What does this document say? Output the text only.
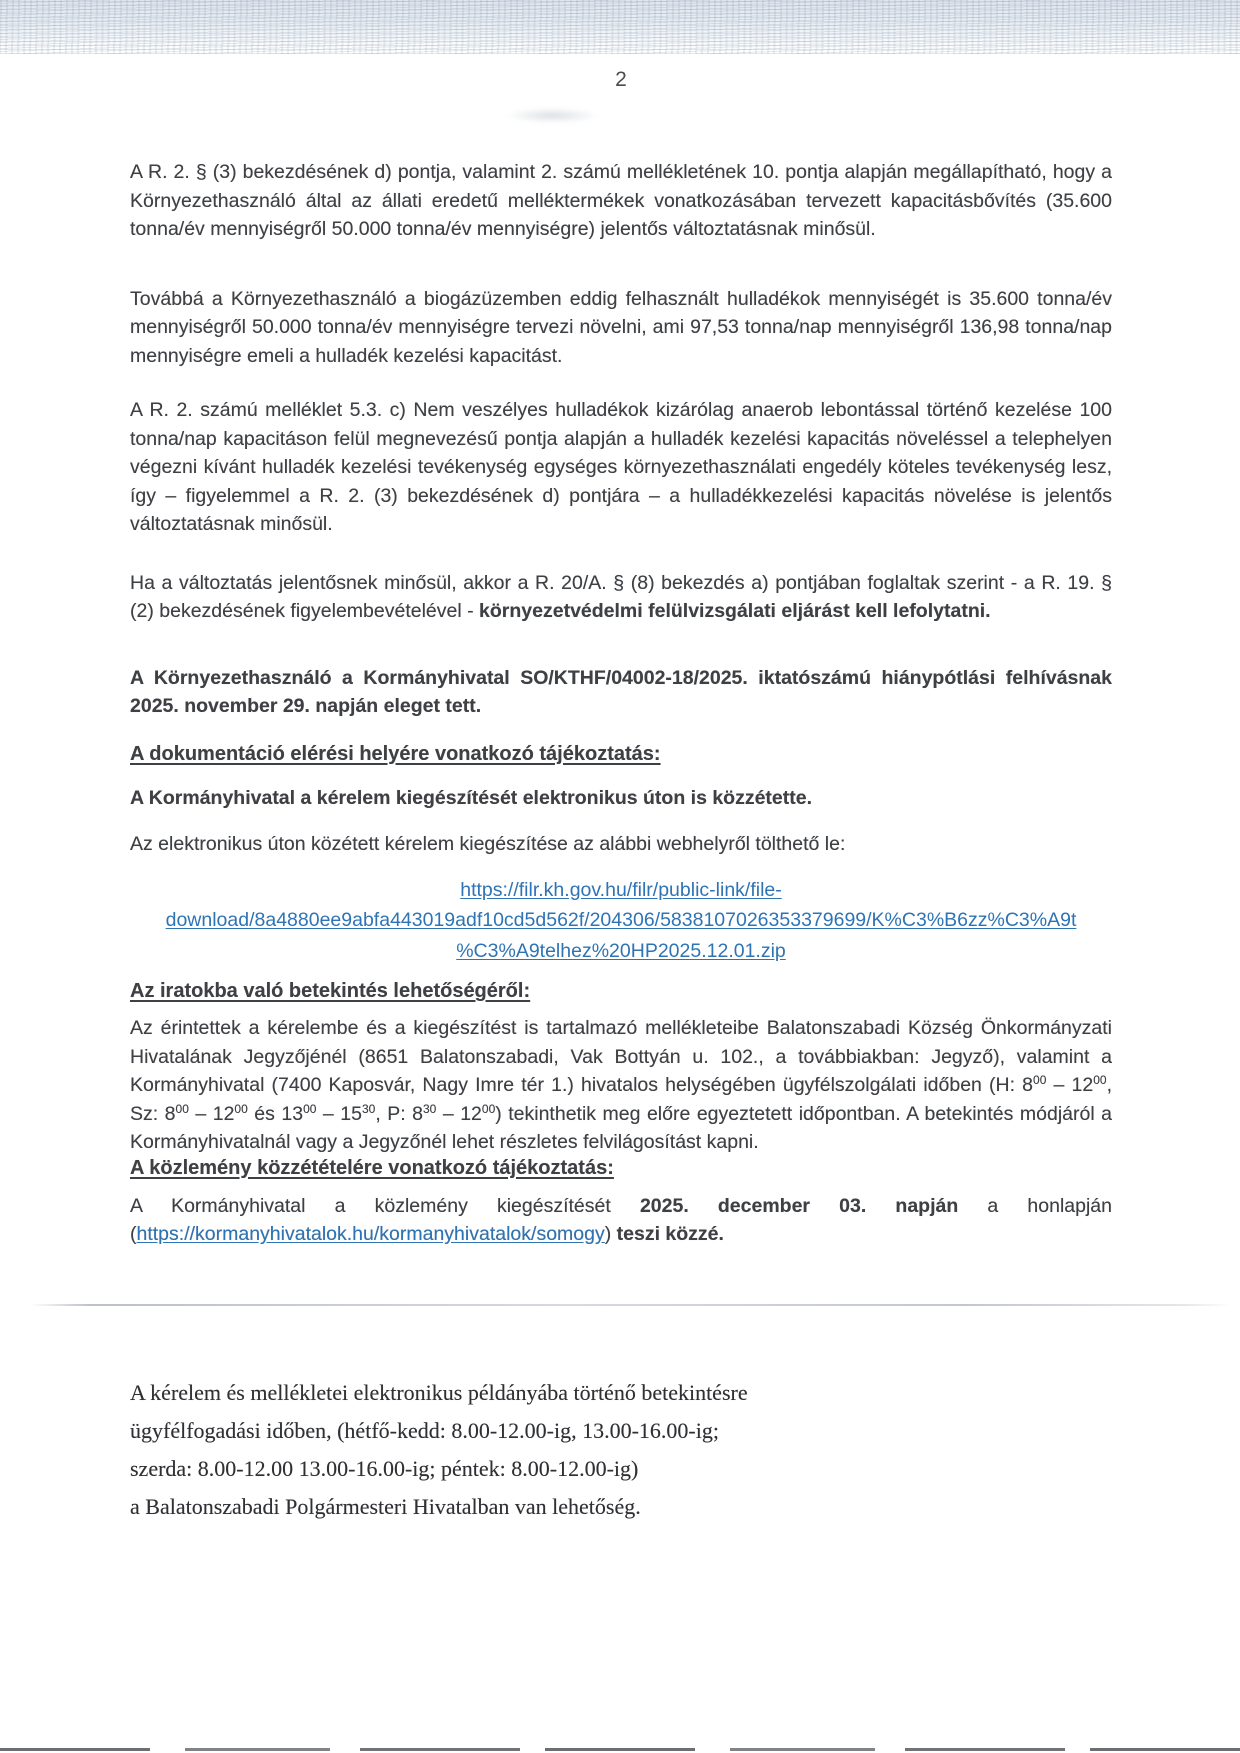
2

A R. 2. § (3) bekezdésének d) pontja, valamint 2. számú mellékletének 10. pontja alapján megállapítható, hogy a Környezethasználó által az állati eredetű melléktermékek vonatkozásában tervezett kapacitásbővítés (35.600 tonna/év mennyiségről 50.000 tonna/év mennyiségre) jelentős változtatásnak minősül.

Továbbá a Környezethasználó a biogázüzemben eddig felhasznált hulladékok mennyiségét is 35.600 tonna/év mennyiségről 50.000 tonna/év mennyiségre tervezi növelni, ami 97,53 tonna/nap mennyiségről 136,98 tonna/nap mennyiségre emeli a hulladék kezelési kapacitást.

A R. 2. számú melléklet 5.3. c) Nem veszélyes hulladékok kizárólag anaerob lebontással történő kezelése 100 tonna/nap kapacitáson felül megnevezésű pontja alapján a hulladék kezelési kapacitás növeléssel a telephelyen végezni kívánt hulladék kezelési tevékenység egységes környezethasználati engedély köteles tevékenység lesz, így – figyelemmel a R. 2. (3) bekezdésének d) pontjára – a hulladékkezelési kapacitás növelése is jelentős változtatásnak minősül.

Ha a változtatás jelentősnek minősül, akkor a R. 20/A. § (8) bekezdés a) pontjában foglaltak szerint - a R. 19. § (2) bekezdésének figyelembevételével - környezetvédelmi felülvizsgálati eljárást kell lefolytatni.

A Környezethasználó a Kormányhivatal SO/KTHF/04002-18/2025. iktatószámú hiánypótlási felhívásnak 2025. november 29. napján eleget tett.

A dokumentáció elérési helyére vonatkozó tájékoztatás:

A Kormányhivatal a kérelem kiegészítését elektronikus úton is közzétette.

Az elektronikus úton közétett kérelem kiegészítése az alábbi webhelyről tölthető le:

https://filr.kh.gov.hu/filr/public-link/file-
download/8a4880ee9abfa443019adf10cd5d562f/204306/5838107026353379699/K%C3%B6zz%C3%A9t
%C3%A9telhez%20HP2025.12.01.zip
Az iratokba való betekintés lehetőségéről:

Az érintettek a kérelembe és a kiegészítést is tartalmazó mellékleteibe Balatonszabadi Község Önkormányzati Hivatalának Jegyzőjénél (8651 Balatonszabadi, Vak Bottyán u. 102., a továbbiakban: Jegyző), valamint a Kormányhivatal (7400 Kaposvár, Nagy Imre tér 1.) hivatalos helységében ügyfélszolgálati időben (H: $8^{00} - 12^{00}$, Sz: $8^{00} - 12^{00}$ és $13^{00} - 15^{30}$, P: $8^{30} - 12^{00}$) tekinthetik meg előre egyeztetett időpontban. A betekintés módjáról a Kormányhivatalnál vagy a Jegyzőnél lehet részletes felvilágosítást kapni.

A közlemény közzétételére vonatkozó tájékoztatás:

A Kormányhivatal a közlemény kiegészítését 2025. december 03. napján a honlapján (https://kormanyhivatalok.hu/kormanyhivatalok/somogy) teszi közzé.

A kérelem és mellékletei elektronikus példányába történő betekintésre
ügyfélfogadási időben, (hétfő-kedd: 8.00-12.00-ig, 13.00-16.00-ig;
szerda: 8.00-12.00 13.00-16.00-ig; péntek: 8.00-12.00-ig)
a Balatonszabadi Polgármesteri Hivatalban van lehetőség.
